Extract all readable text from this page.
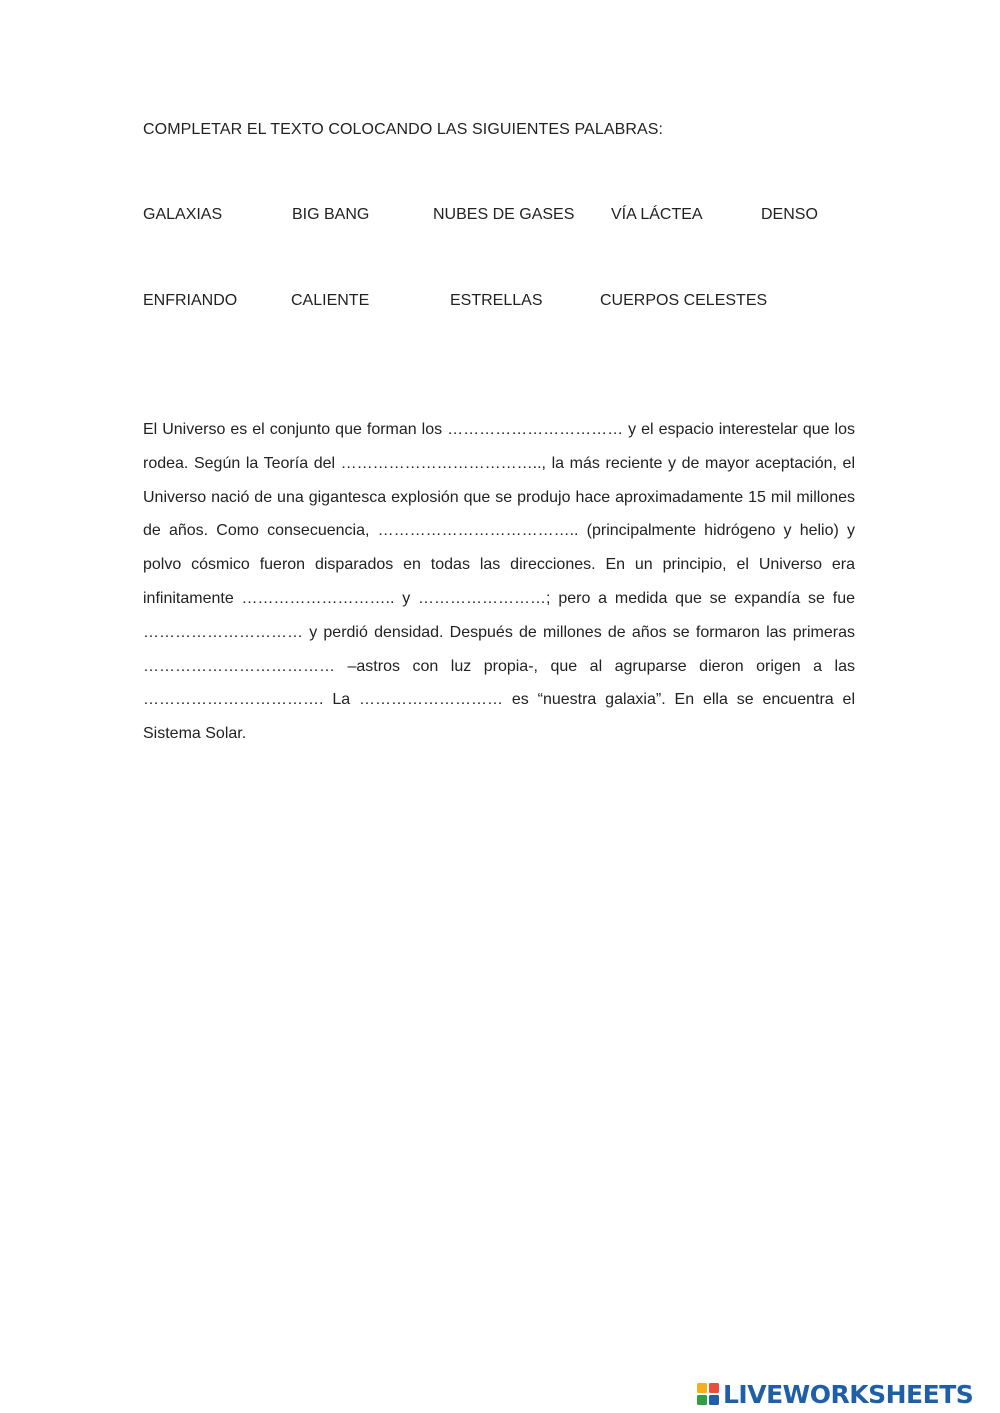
COMPLETAR EL TEXTO COLOCANDO LAS SIGUIENTES PALABRAS:
GALAXIAS	BIG BANG	NUBES DE GASES VÍA LÁCTEA	DENSO
ENFRIANDO	CALIENTE	ESTRELLAS	CUERPOS CELESTES

El Universo es el conjunto que forman los …………………………… y el espacio interestelar que los rodea. Según la Teoría del ……………………………….., la más reciente y de mayor aceptación, el Universo nació de una gigantesca explosión que se produjo hace aproximadamente 15 mil millones de años. Como consecuencia, ……………………………….. (principalmente hidrógeno y helio) y polvo cósmico fueron disparados en todas las direcciones. En un principio, el Universo era infinitamente ……………………….. y ……………………; pero a medida que se expandía se fue ………………………… y perdió densidad. Después de millones de años se formaron las primeras ……………………………… –astros con luz propia-, que al agruparse dieron origen a las ……………………………. La ……………………… es “nuestra galaxia”. En ella se encuentra el Sistema Solar.

LIVEWORKSHEETS
